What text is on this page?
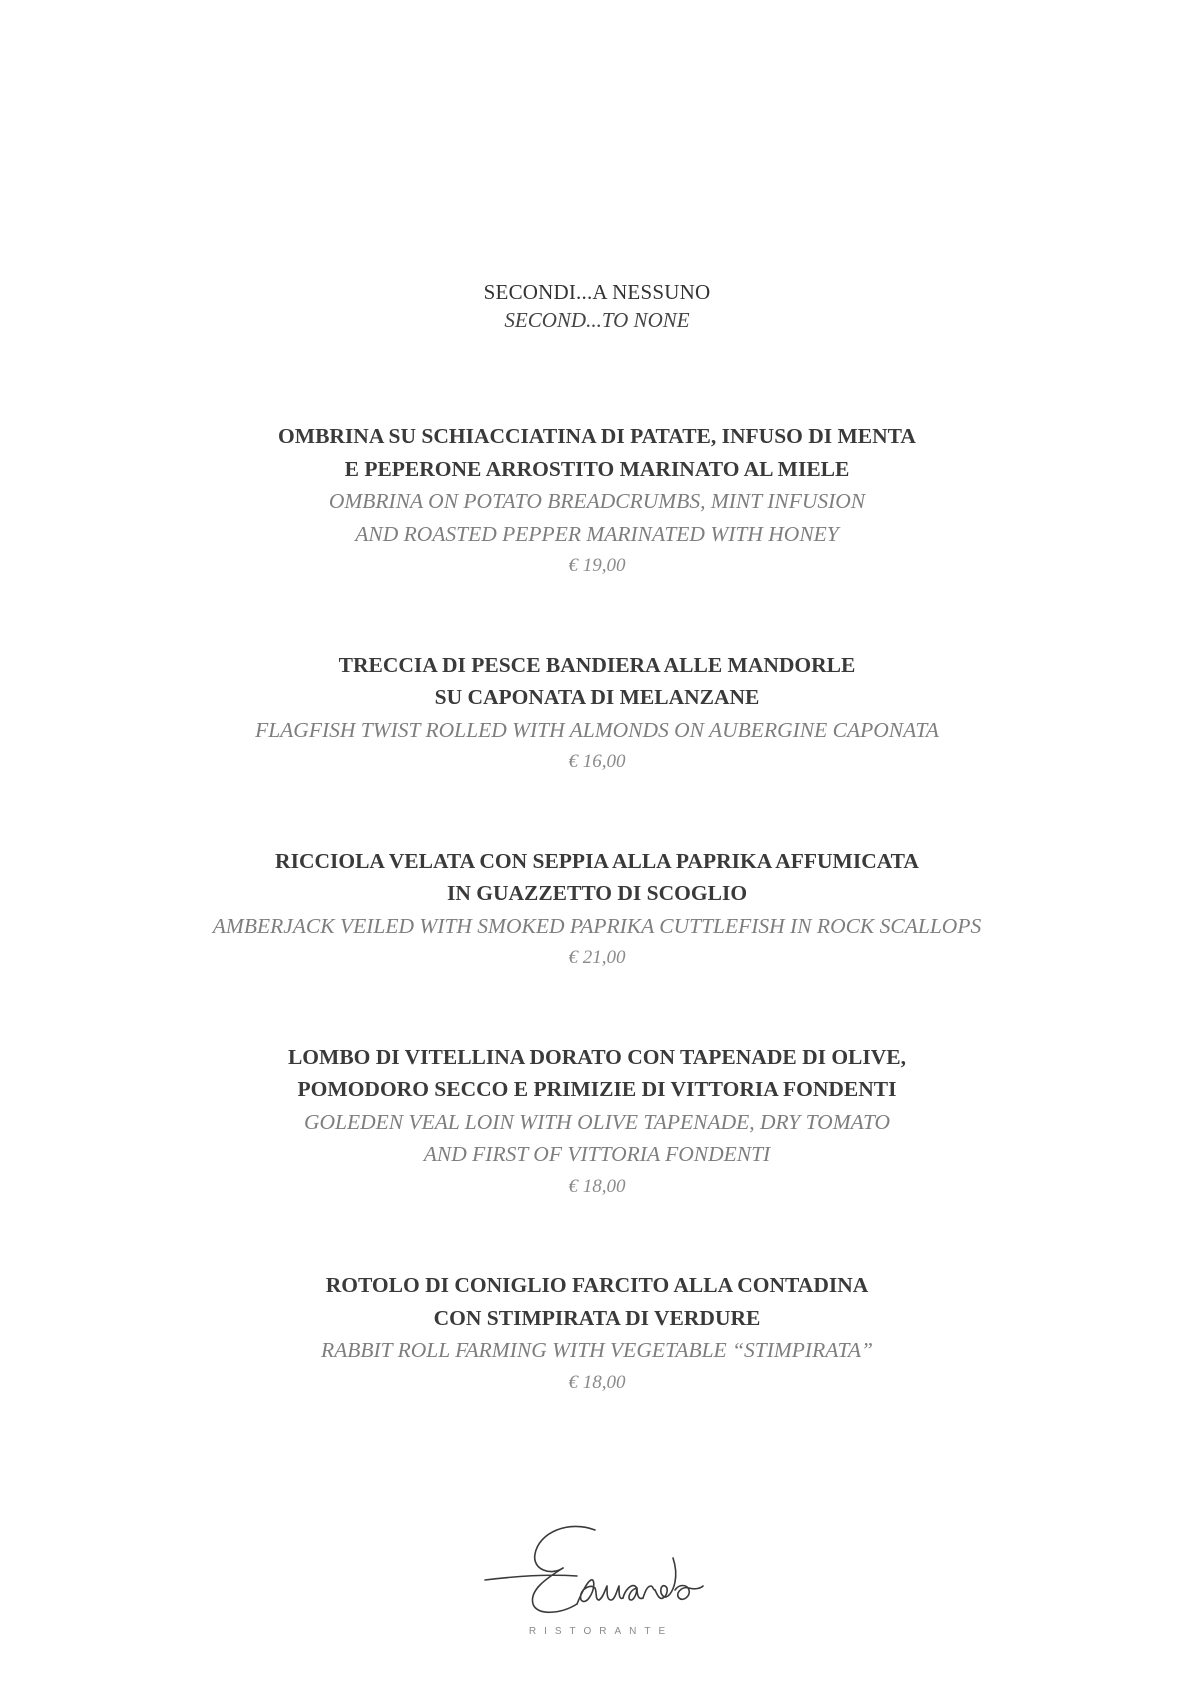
SECONDI...A NESSUNO
SECOND...TO NONE
OMBRINA SU SCHIACCIATINA DI PATATE, INFUSO DI MENTA
E PEPERONE ARROSTITO MARINATO AL MIELE
OMBRINA ON POTATO BREADCRUMBS, MINT INFUSION
AND ROASTED PEPPER MARINATED WITH HONEY
€ 19,00
TRECCIA DI PESCE BANDIERA ALLE MANDORLE
SU CAPONATA DI MELANZANE
FLAGFISH TWIST ROLLED WITH ALMONDS ON AUBERGINE CAPONATA
€ 16,00
RICCIOLA VELATA CON SEPPIA ALLA PAPRIKA AFFUMICATA
IN GUAZZETTO DI SCOGLIO
AMBERJACK VEILED WITH SMOKED PAPRIKA CUTTLEFISH IN ROCK SCALLOPS
€ 21,00
LOMBO DI VITELLINA DORATO CON TAPENADE DI OLIVE,
POMODORO SECCO E PRIMIZIE DI VITTORIA FONDENTI
GOLEDEN VEAL LOIN WITH OLIVE TAPENADE, DRY TOMATO
AND FIRST OF VITTORIA FONDENTI
€ 18,00
ROTOLO DI CONIGLIO FARCITO ALLA CONTADINA
CON STIMPIRATA DI VERDURE
RABBIT ROLL FARMING WITH VEGETABLE “STIMPIRATA”
€ 18,00
RISTORANTE
